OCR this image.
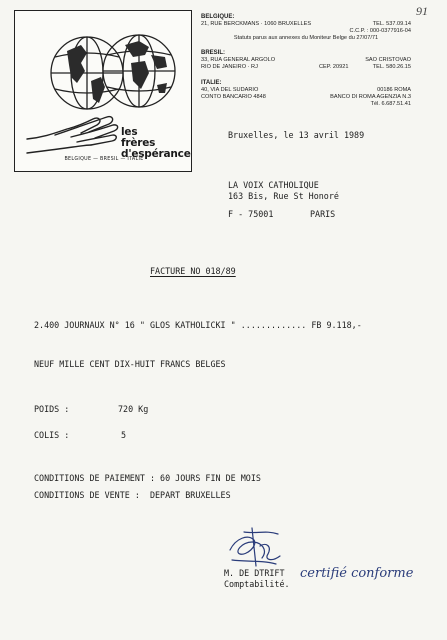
91
les
frères
d'espérance
BELGIQUE — BRESIL — ITALIE
BELGIQUE:
21, RUE BERCKMANS · 1060 BRUXELLES	TEL. 537.09.14
C.C.P. : 000-0377916-04
Statuts parus aux annexes du Moniteur Belge du 27/07/71
BRESIL:
33, RUA GENERAL ARGOLO	SAO CRISTOVAO
RIO DE JANEIRO · RJ	CEP. 20921	TEL. 580.26.15
ITALIE:
40, VIA DEL SUDARIO	00186 ROMA
CONTO BANCARIO 4848	BANCO DI ROMA AGENZIA N.3
Tél. 6.687.51.41
Bruxelles, le 13 avril 1989
LA VOIX CATHOLIQUE
163 Bis, Rue St Honoré
F - 75001	PARIS
FACTURE NO 018/89
2.400 JOURNAUX N° 16 " GLOS KATHOLICKI " ............. FB 9.118,-
NEUF MILLE CENT DIX-HUIT FRANCS BELGES
POIDS :	720 Kg
COLIS :	5
CONDITIONS DE PAIEMENT : 60 JOURS FIN DE MOIS
CONDITIONS DE VENTE :  DEPART BRUXELLES
M. DE DTRIFT
Comptabilité.
certifié conforme
